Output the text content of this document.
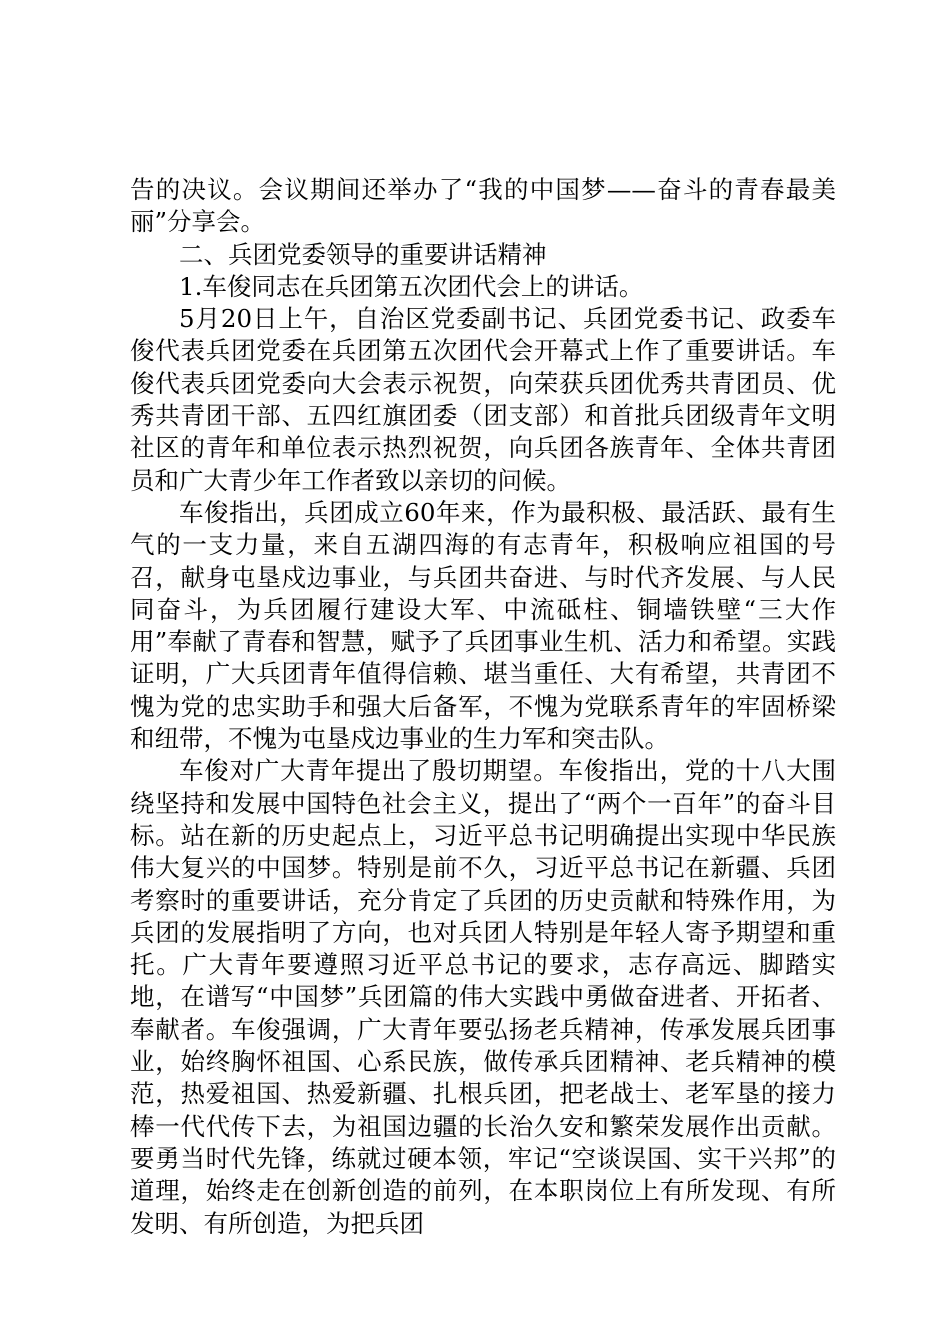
告的决议。会议期间还举办了“我的中国梦——奋斗的青春最美丽”分享会。

二、兵团党委领导的重要讲话精神

1.车俊同志在兵团第五次团代会上的讲话。

5月20日上午，自治区党委副书记、兵团党委书记、政委车俊代表兵团党委在兵团第五次团代会开幕式上作了重要讲话。车俊代表兵团党委向大会表示祝贺，向荣获兵团优秀共青团员、优秀共青团干部、五四红旗团委（团支部）和首批兵团级青年文明社区的青年和单位表示热烈祝贺，向兵团各族青年、全体共青团员和广大青少年工作者致以亲切的问候。

车俊指出，兵团成立60年来，作为最积极、最活跃、最有生气的一支力量，来自五湖四海的有志青年，积极响应祖国的号召，献身屯垦戍边事业，与兵团共奋进、与时代齐发展、与人民同奋斗，为兵团履行建设大军、中流砥柱、铜墙铁壁“三大作用”奉献了青春和智慧，赋予了兵团事业生机、活力和希望。实践证明，广大兵团青年值得信赖、堪当重任、大有希望，共青团不愧为党的忠实助手和强大后备军，不愧为党联系青年的牢固桥梁和纽带，不愧为屯垦戍边事业的生力军和突击队。

车俊对广大青年提出了殷切期望。车俊指出，党的十八大围绕坚持和发展中国特色社会主义，提出了“两个一百年”的奋斗目标。站在新的历史起点上，习近平总书记明确提出实现中华民族伟大复兴的中国梦。特别是前不久，习近平总书记在新疆、兵团考察时的重要讲话，充分肯定了兵团的历史贡献和特殊作用，为兵团的发展指明了方向，也对兵团人特别是年轻人寄予期望和重托。广大青年要遵照习近平总书记的要求，志存高远、脚踏实地，在谱写“中国梦”兵团篇的伟大实践中勇做奋进者、开拓者、奉献者。车俊强调，广大青年要弘扬老兵精神，传承发展兵团事业，始终胸怀祖国、心系民族，做传承兵团精神、老兵精神的模范，热爱祖国、热爱新疆、扎根兵团，把老战士、老军垦的接力棒一代代传下去，为祖国边疆的长治久安和繁荣发展作出贡献。要勇当时代先锋，练就过硬本领，牢记“空谈误国、实干兴邦”的道理，始终走在创新创造的前列，在本职岗位上有所发现、有所发明、有所创造，为把兵团
